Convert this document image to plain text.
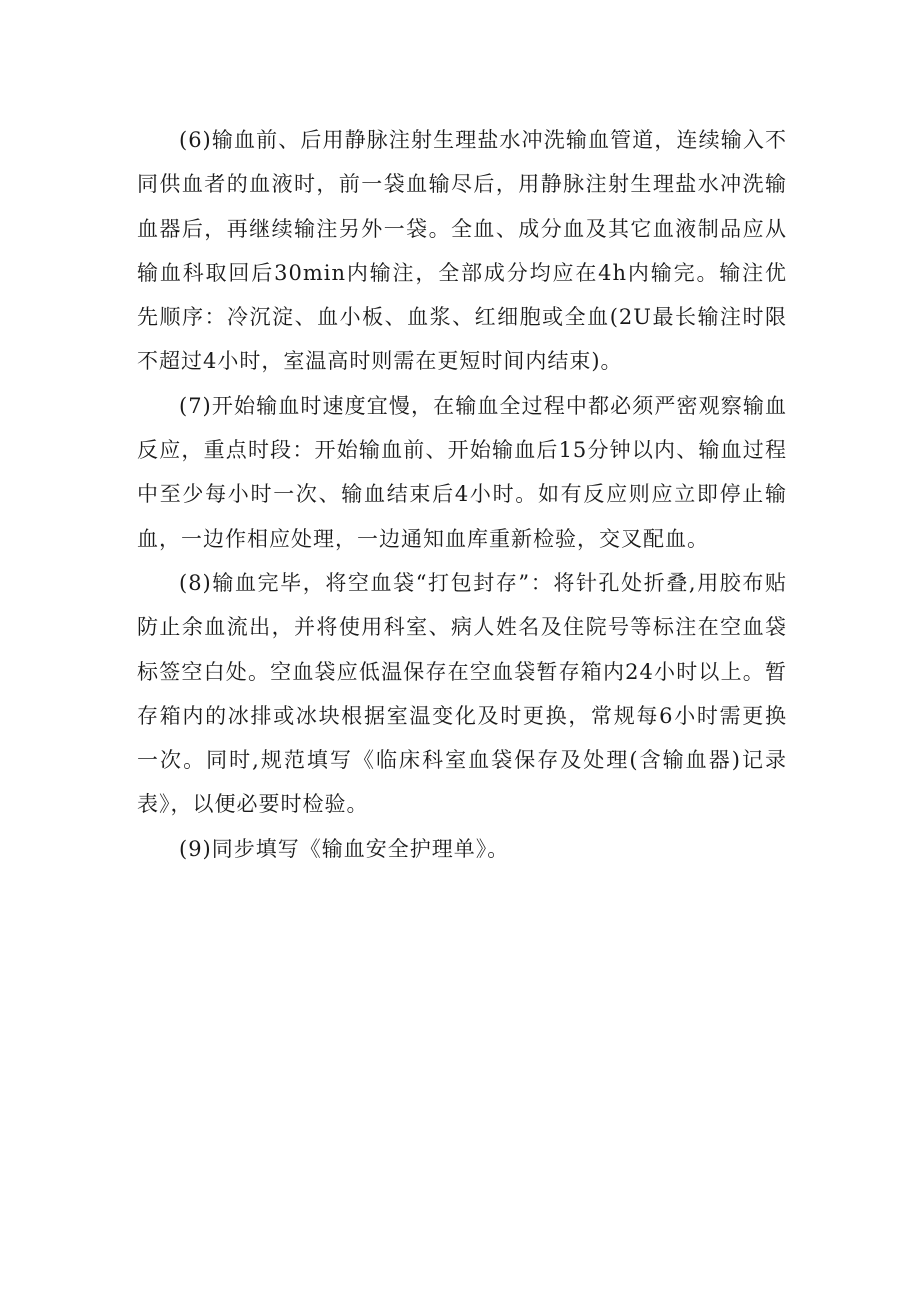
(6)输血前、后用静脉注射生理盐水冲洗输血管道，连续输入不同供血者的血液时，前一袋血输尽后，用静脉注射生理盐水冲洗输血器后，再继续输注另外一袋。全血、成分血及其它血液制品应从输血科取回后30min内输注，全部成分均应在4h内输完。输注优先顺序：冷沉淀、血小板、血浆、红细胞或全血(2U最长输注时限不超过4小时，室温高时则需在更短时间内结束)。

(7)开始输血时速度宜慢，在输血全过程中都必须严密观察输血反应，重点时段：开始输血前、开始输血后15分钟以内、输血过程中至少每小时一次、输血结束后4小时。如有反应则应立即停止输血，一边作相应处理，一边通知血库重新检验，交叉配血。

(8)输血完毕，将空血袋“打包封存”：将针孔处折叠,用胶布贴防止余血流出，并将使用科室、病人姓名及住院号等标注在空血袋标签空白处。空血袋应低温保存在空血袋暂存箱内24小时以上。暂存箱内的冰排或冰块根据室温变化及时更换，常规每6小时需更换一次。同时,规范填写《临床科室血袋保存及处理(含输血器)记录表》，以便必要时检验。

(9)同步填写《输血安全护理单》。
